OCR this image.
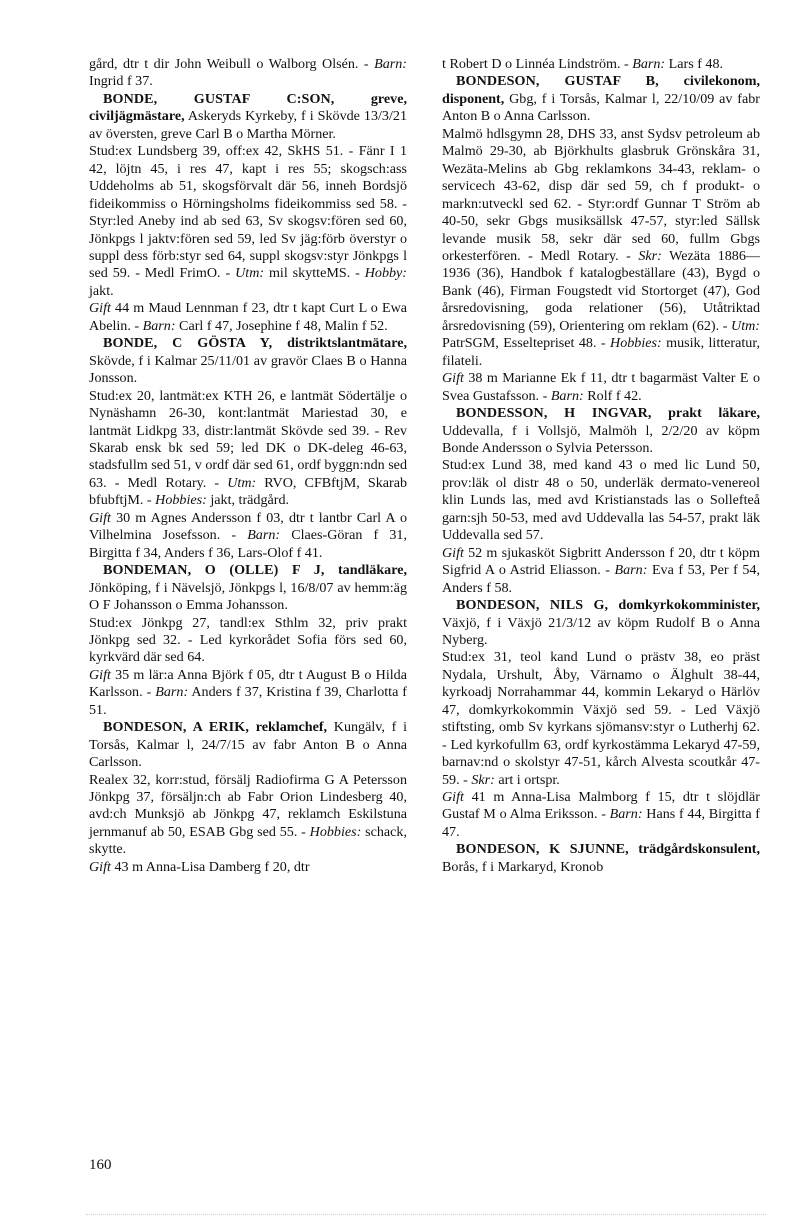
gård, dtr t dir John Weibull o Walborg Olsén. - Barn: Ingrid f 37.

BONDE, GUSTAF C:SON,	greve, civiljägmästare, Askeryds Kyrkeby, f i Skövde 13/3/21 av översten, greve Carl B o Martha Mörner.

Stud:ex Lundsberg 39, off:ex 42, SkHS 51. - Fänr I 1 42, löjtn 45, i res 47, kapt i res 55; skogsch:ass Uddeholms ab 51, skogsförvalt där 56, inneh Bordsjö fideikommiss o Hörningsholms fideikommiss sed 58. - Styr:led Aneby ind ab sed 63, Sv skogsv:fören sed 60, Jönkpgs l jaktv:fören sed 59, led Sv jäg:förb överstyr o suppl dess förb:styr sed 64, suppl skogsv:styr Jönkpgs l sed 59. - Medl FrimO. - Utm: mil skytteMS. - Hobby: jakt.

Gift 44 m Maud Lennman f 23, dtr t kapt Curt L o Ewa Abelin. - Barn: Carl f 47, Josephine f 48, Malin f 52.

BONDE, C GÖSTA Y, distriktslantmätare, Skövde, f i Kalmar 25/11/01 av gravör Claes B o Hanna Jonsson.

Stud:ex 20, lantmät:ex KTH 26, e lantmät Södertälje o Nynäshamn 26-30, kont:lantmät Mariestad 30, e lantmät Lidkpg 33, distr:lantmät Skövde sed 39. - Rev Skarab ensk bk sed 59; led DK o DK-deleg 46-63, stadsfullm sed 51, v ordf där sed 61, ordf byggn:ndn sed 63. - Medl Rotary. - Utm: RVO, CFBftjM, Skarab bfubftjM. - Hobbies: jakt, trädgård.

Gift 30 m Agnes Andersson f 03, dtr t lantbr Carl A o Vilhelmina Josefsson. - Barn: Claes-Göran f 31, Birgitta f 34, Anders f 36, Lars-Olof f 41.

BONDEMAN, O (OLLE) F J, tandläkare, Jönköping, f i Nävelsjö, Jönkpgs l, 16/8/07 av hemm:äg O F Johansson o Emma Johansson.

Stud:ex Jönkpg 27, tandl:ex Sthlm 32, priv prakt Jönkpg sed 32. - Led kyrkorådet Sofia förs sed 60, kyrkvärd där sed 64.

Gift 35 m lär:a Anna Björk f 05, dtr t August B o Hilda Karlsson. - Barn: Anders f 37, Kristina f 39, Charlotta f 51.

BONDESON, A ERIK, reklamchef, Kungälv, f i Torsås, Kalmar l, 24/7/15 av fabr Anton B o Anna Carlsson.

Realex 32, korr:stud, försälj Radiofirma G A Petersson Jönkpg 37, försäljn:ch ab Fabr Orion Lindesberg 40, avd:ch Munksjö ab Jönkpg 47, reklamch Eskilstuna jernmanuf ab 50, ESAB Gbg sed 55. - Hobbies: schack, skytte.

Gift 43 m Anna-Lisa Damberg f 20, dtr

t Robert D o Linnéa Lindström. - Barn: Lars f 48.

BONDESON, GUSTAF B, civilekonom, disponent, Gbg, f i Torsås, Kalmar l, 22/10/09 av fabr Anton B o Anna Carlsson.

Malmö hdlsgymn 28, DHS 33, anst Sydsv petroleum ab Malmö 29-30, ab Björkhults glasbruk Grönskåra 31, Wezäta-Melins ab Gbg reklamkons 34-43, reklam- o servicech 43-62, disp där sed 59, ch f produkt- o markn:utveckl sed 62. - Styr:ordf Gunnar T Ström ab 40-50, sekr Gbgs musiksällsk 47-57, styr:led Sällsk levande musik 58, sekr där sed 60, fullm Gbgs orkesterfören. - Medl Rotary. - Skr: Wezäta 1886—1936 (36), Handbok f katalogbeställare (43), Bygd o Bank (46), Firman Fougstedt vid Stortorget (47), God årsredovisning, goda relationer (56), Utåtriktad årsredovisning (59), Orientering om reklam (62). - Utm: PatrSGM, Esseltepriset 48. - Hobbies: musik, litteratur, filateli.

Gift 38 m Marianne Ek f 11, dtr t bagarmäst Valter E o Svea Gustafsson. - Barn: Rolf f 42.

BONDESSON, H INGVAR, prakt läkare, Uddevalla, f i Vollsjö, Malmöh l, 2/2/20 av köpm Bonde Andersson o Sylvia Petersson.

Stud:ex Lund 38, med kand 43 o med lic Lund 50, prov:läk ol distr 48 o 50, underläk dermato-venereol klin Lunds las, med avd Kristianstads las o Sollefteå garn:sjh 50-53, med avd Uddevalla las 54-57, prakt läk Uddevalla sed 57.

Gift 52 m sjukasköt Sigbritt Andersson f 20, dtr t köpm Sigfrid A o Astrid Eliasson. - Barn: Eva f 53, Per f 54, Anders f 58.

BONDESON, NILS G, domkyrkokomminister, Växjö, f i Växjö 21/3/12 av köpm Rudolf B o Anna Nyberg.

Stud:ex 31, teol kand Lund o prästv 38, eo präst Nydala, Urshult, Åby, Värnamo o Älghult 38-44, kyrkoadj Norrahammar 44, kommin Lekaryd o Härlöv 47, domkyrkokommin Växjö sed 59. - Led Växjö stiftsting, omb Sv kyrkans sjömansv:styr o Lutherhj 62. - Led kyrkofullm 63, ordf kyrkostämma Lekaryd 47-59, barnav:nd o skolstyr 47-51, kårch Alvesta scoutkår 47-59. - Skr: art i ortspr.

Gift 41 m Anna-Lisa Malmborg f 15, dtr t slöjdlär Gustaf M o Alma Eriksson. - Barn: Hans f 44, Birgitta f 47.

BONDESON, K SJUNNE, trädgårdskonsulent, Borås, f i Markaryd, Kronob

160
